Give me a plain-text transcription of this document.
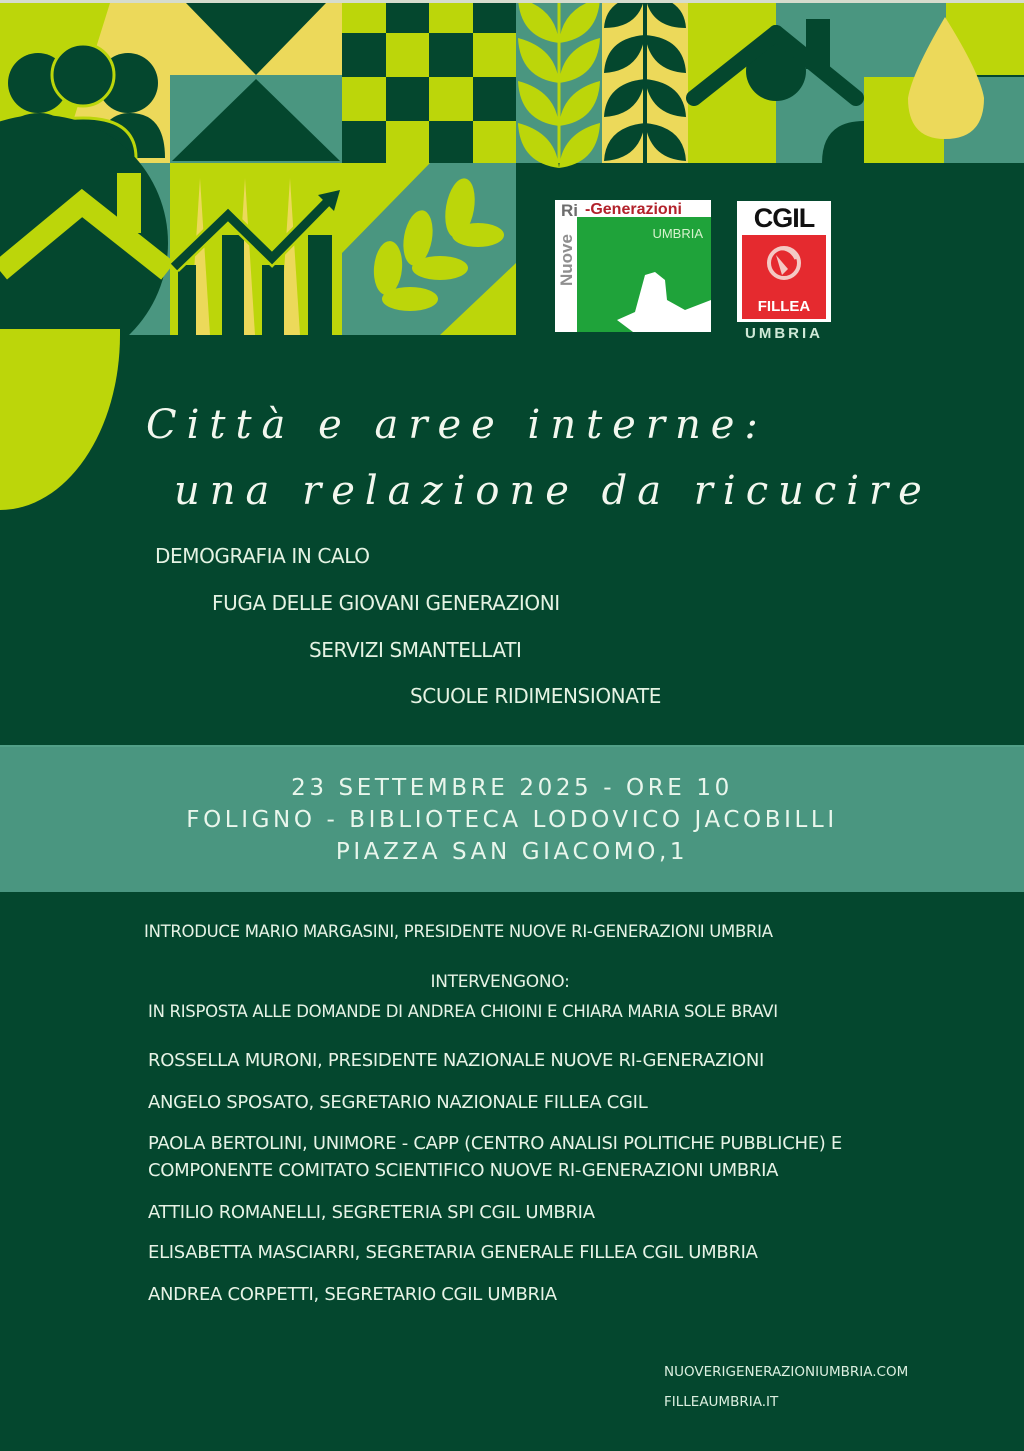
Nuove
Ri -Generazioni
UMBRIA
CGIL
FILLEA
UMBRIA
Città e aree interne:
una relazione da ricucire
DEMOGRAFIA IN CALO
FUGA DELLE GIOVANI GENERAZIONI
SERVIZI SMANTELLATI
SCUOLE RIDIMENSIONATE
23 SETTEMBRE 2025 - ORE 10
FOLIGNO - BIBLIOTECA LODOVICO JACOBILLI
PIAZZA SAN GIACOMO,1
INTRODUCE MARIO MARGASINI, PRESIDENTE NUOVE RI-GENERAZIONI UMBRIA
INTERVENGONO:
IN RISPOSTA ALLE DOMANDE DI ANDREA CHIOINI E CHIARA MARIA SOLE BRAVI
ROSSELLA MURONI, PRESIDENTE NAZIONALE NUOVE RI-GENERAZIONI
ANGELO SPOSATO, SEGRETARIO NAZIONALE FILLEA CGIL
PAOLA BERTOLINI, UNIMORE - CAPP (CENTRO ANALISI POLITICHE PUBBLICHE) E
COMPONENTE COMITATO SCIENTIFICO NUOVE RI-GENERAZIONI UMBRIA
ATTILIO ROMANELLI, SEGRETERIA SPI CGIL UMBRIA
ELISABETTA MASCIARRI, SEGRETARIA GENERALE FILLEA CGIL UMBRIA
ANDREA CORPETTI, SEGRETARIO CGIL UMBRIA
NUOVERIGENERAZIONIUMBRIA.COM
FILLEAUMBRIA.IT
